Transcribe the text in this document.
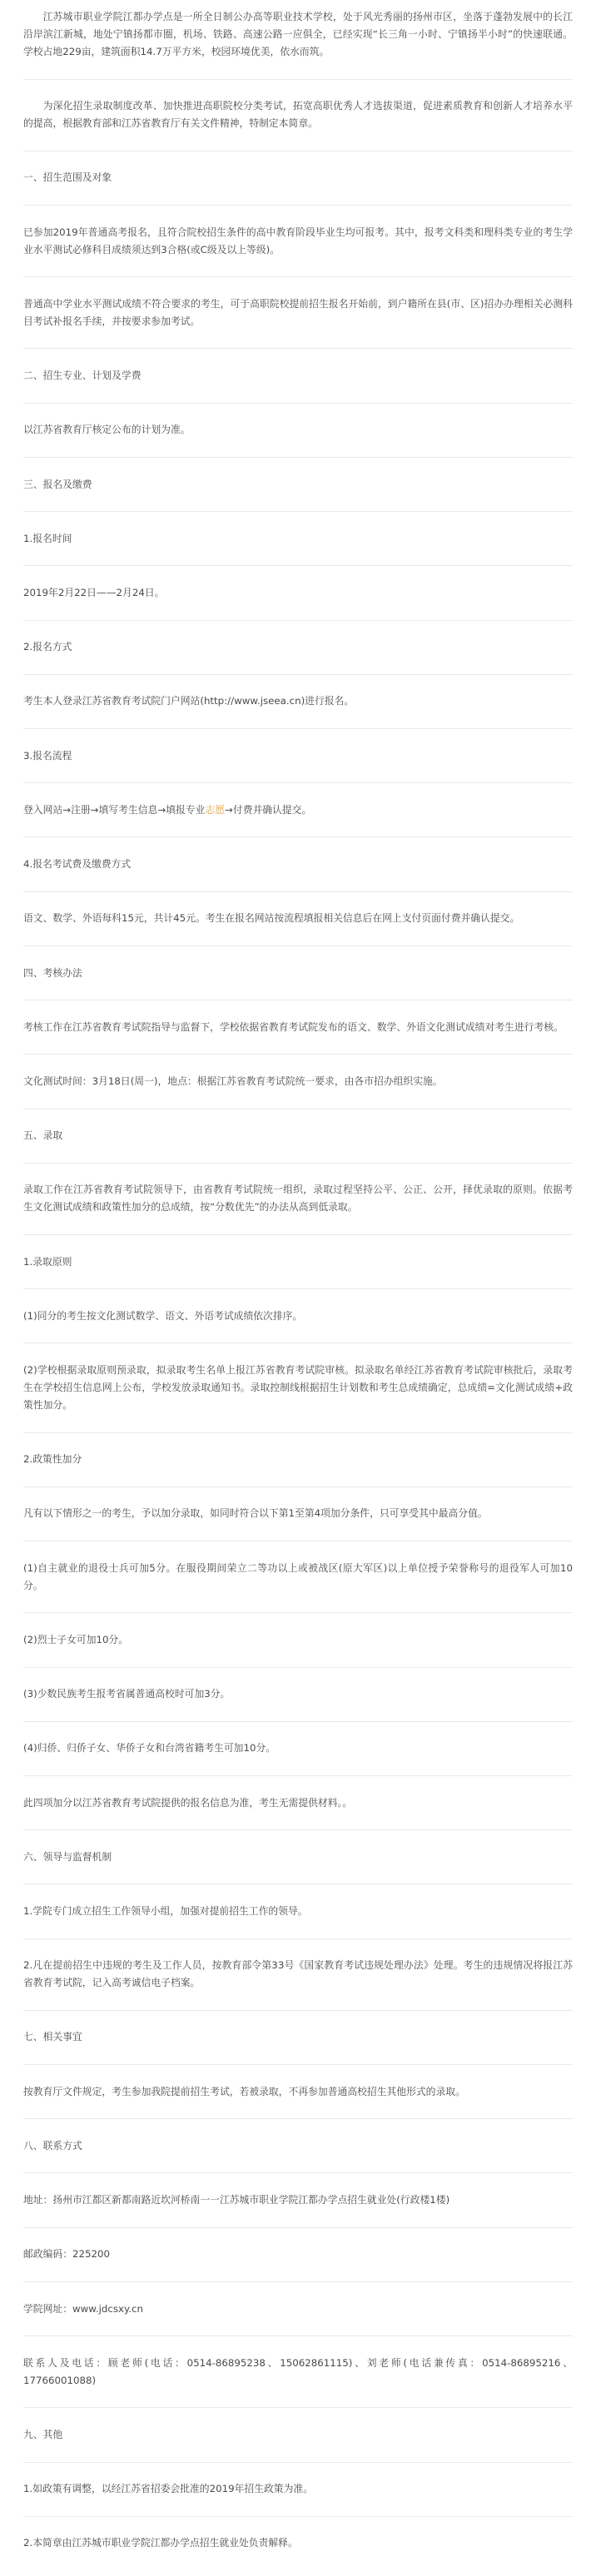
江苏城市职业学院江都办学点是一所全日制公办高等职业技术学校，处于风光秀丽的扬州市区，坐落于蓬勃发展中的长江沿岸滨江新城，地处宁镇扬都市圈，机场、铁路、高速公路一应俱全，已经实现“长三角一小时、宁镇扬半小时”的快速联通。学校占地229亩，建筑面积14.7万平方米，校园环境优美，依水而筑。

为深化招生录取制度改革、加快推进高职院校分类考试，拓宽高职优秀人才选拔渠道，促进素质教育和创新人才培养水平的提高，根据教育部和江苏省教育厅有关文件精神，特制定本简章。

一、招生范围及对象

已参加2019年普通高考报名，且符合院校招生条件的高中教育阶段毕业生均可报考。其中，报考文科类和理科类专业的考生学业水平测试必修科目成绩须达到3合格(或C级及以上等级)。

普通高中学业水平测试成绩不符合要求的考生，可于高职院校提前招生报名开始前，到户籍所在县(市、区)招办办理相关必测科目考试补报名手续，并按要求参加考试。

二、招生专业、计划及学费

以江苏省教育厅核定公布的计划为准。

三、报名及缴费

1.报名时间

2019年2月22日——2月24日。

2.报名方式

考生本人登录江苏省教育考试院门户网站(http://www.jseea.cn)进行报名。

3.报名流程

登入网站→注册→填写考生信息→填报专业志愿→付费并确认提交。

4.报名考试费及缴费方式

语文、数学、外语每科15元，共计45元。考生在报名网站按流程填报相关信息后在网上支付页面付费并确认提交。

四、考核办法

考核工作在江苏省教育考试院指导与监督下，学校依据省教育考试院发布的语文、数学、外语文化测试成绩对考生进行考核。

文化测试时间：3月18日(周一)，地点：根据江苏省教育考试院统一要求，由各市招办组织实施。

五、录取

录取工作在江苏省教育考试院领导下，由省教育考试院统一组织，录取过程坚持公平、公正、公开，择优录取的原则。依据考生文化测试成绩和政策性加分的总成绩，按“分数优先”的办法从高到低录取。

1.录取原则

(1)同分的考生按文化测试数学、语文、外语考试成绩依次排序。

(2)学校根据录取原则预录取，拟录取考生名单上报江苏省教育考试院审核。拟录取名单经江苏省教育考试院审核批后，录取考生在学校招生信息网上公布，学校发放录取通知书。录取控制线根据招生计划数和考生总成绩确定，总成绩=文化测试成绩+政策性加分。

2.政策性加分

凡有以下情形之一的考生，予以加分录取，如同时符合以下第1至第4项加分条件，只可享受其中最高分值。

(1)自主就业的退役士兵可加5分。在服役期间荣立二等功以上或被战区(原大军区)以上单位授予荣誉称号的退役军人可加10分。

(2)烈士子女可加10分。

(3)少数民族考生报考省属普通高校时可加3分。

(4)归侨、归侨子女、华侨子女和台湾省籍考生可加10分。

此四项加分以江苏省教育考试院提供的报名信息为准，考生无需提供材料。。

六、领导与监督机制

1.学院专门成立招生工作领导小组，加强对提前招生工作的领导。

2.凡在提前招生中违规的考生及工作人员，按教育部令第33号《国家教育考试违规处理办法》处理。考生的违规情况将报江苏省教育考试院，记入高考诚信电子档案。

七、相关事宜

按教育厅文件规定，考生参加我院提前招生考试，若被录取，不再参加普通高校招生其他形式的录取。

八、联系方式

地址：扬州市江都区新都南路近坎河桥南一一江苏城市职业学院江都办学点招生就业处(行政楼1楼)

邮政编码：225200

学院网址：www.jdcsxy.cn

联系人及电话：顾老师(电话：0514-86895238、15062861115)、刘老师(电话兼传真：0514-86895216、17766001088)

九、其他

1.如政策有调整，以经江苏省招委会批准的2019年招生政策为准。

2.本简章由江苏城市职业学院江都办学点招生就业处负责解释。
